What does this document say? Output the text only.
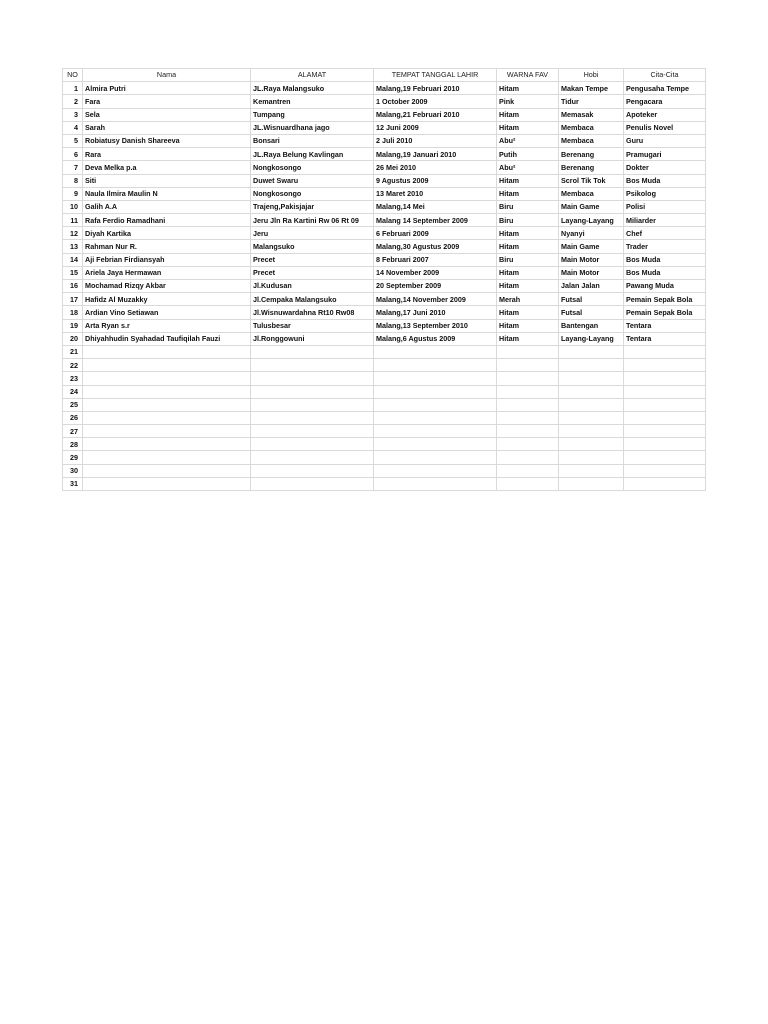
NO	Nama	ALAMAT	TEMPAT TANGGAL LAHIR	WARNA FAV	Hobi	Cita-Cita
1	Almira Putri	JL.Raya Malangsuko	Malang,19 Februari 2010	Hitam	Makan Tempe	Pengusaha Tempe
2	Fara	Kemantren	1 October 2009	Pink	Tidur	Pengacara
3	Sela	Tumpang	Malang,21 Februari 2010	Hitam	Memasak	Apoteker
4	Sarah	JL.Wisnuardhana jago	12 Juni 2009	Hitam	Membaca	Penulis Novel
5	Robiatusy Danish Shareeva	Bonsari	2 Juli 2010	Abu²	Membaca	Guru
6	Rara	JL.Raya Belung Kavlingan	Malang,19 Januari 2010	Putih	Berenang	Pramugari
7	Deva Melka p.a	Nongkosongo	26 Mei 2010	Abu²	Berenang	Dokter
8	Siti	Duwet Swaru	9 Agustus 2009	Hitam	Scrol Tik Tok	Bos Muda
9	Naula Ilmira Maulin N	Nongkosongo	13 Maret 2010	Hitam	Membaca	Psikolog
10	Galih A.A	Trajeng,Pakisjajar	Malang,14 Mei	Biru	Main Game	Polisi
11	Rafa Ferdio Ramadhani	Jeru Jln Ra Kartini Rw 06 Rt 09	Malang 14 September 2009	Biru	Layang-Layang	Miliarder
12	Diyah Kartika	Jeru	6 Februari 2009	Hitam	Nyanyi	Chef
13	Rahman Nur R.	Malangsuko	Malang,30 Agustus 2009	Hitam	Main Game	Trader
14	Aji Febrian Firdiansyah	Precet	8 Februari 2007	Biru	Main Motor	Bos Muda
15	Ariela Jaya Hermawan	Precet	14 November 2009	Hitam	Main Motor	Bos Muda
16	Mochamad Rizqy Akbar	Jl.Kudusan	20 September 2009	Hitam	Jalan Jalan	Pawang Muda
17	Hafidz Al Muzakky	Jl.Cempaka Malangsuko	Malang,14 November 2009	Merah	Futsal	Pemain Sepak Bola
18	Ardian Vino Setiawan	Jl.Wisnuwardahna Rt10 Rw08	Malang,17 Juni 2010	Hitam	Futsal	Pemain Sepak Bola
19	Arta Ryan s.r	Tulusbesar	Malang,13 September 2010	Hitam	Bantengan	Tentara
20	Dhiyahhudin Syahadad Taufiqilah Fauzi	Jl.Ronggowuni	Malang,6 Agustus 2009	Hitam	Layang-Layang	Tentara
21						
22						
23						
24						
25						
26						
27						
28						
29						
30						
31						
